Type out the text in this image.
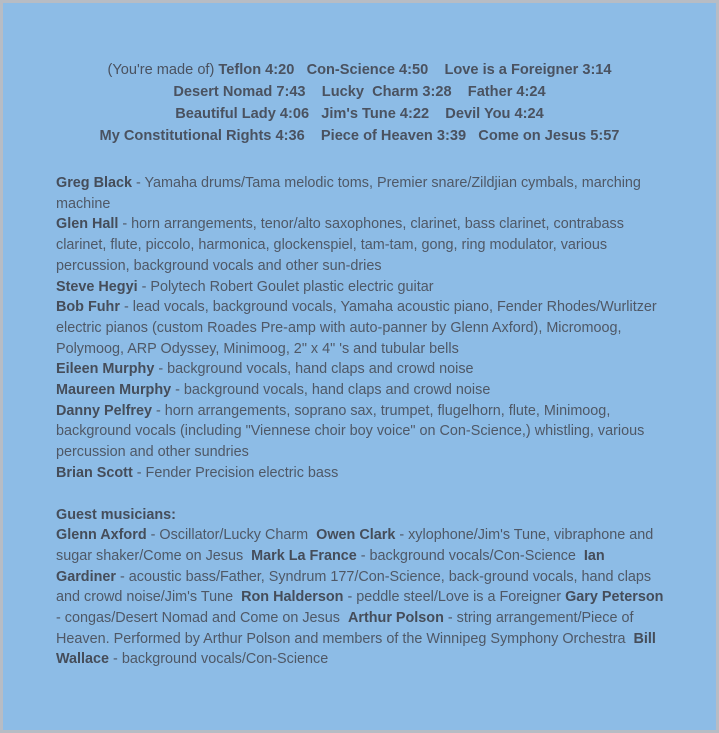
(You're made of) Teflon 4:20 Con-Science 4:50 Love is a Foreigner 3:14
Desert Nomad 7:43 Lucky  Charm 3:28 Father 4:24
Beautiful Lady 4:06 Jim's Tune 4:22 Devil You 4:24
My Constitutional Rights 4:36 Piece of Heaven 3:39 Come on Jesus 5:57

Greg Black - Yamaha drums/Tama melodic toms, Premier snare/Zildjian cymbals, marching machine

Glen Hall - horn arrangements, tenor/alto saxophones, clarinet, bass clarinet, contrabass clarinet, flute, piccolo, harmonica, glockenspiel, tam-tam, gong, ring modulator, various percussion, background vocals and other sun-dries

Steve Hegyi - Polytech Robert Goulet plastic electric guitar

Bob Fuhr - lead vocals, background vocals, Yamaha acoustic piano, Fender Rhodes/Wurlitzer electric pianos (custom Roades Pre-amp with auto-panner by Glenn Axford), Micromoog, Polymoog, ARP Odyssey, Minimoog, 2" x 4" 's and tubular bells

Eileen Murphy - background vocals, hand claps and crowd noise

Maureen Murphy - background vocals, hand claps and crowd noise

Danny Pelfrey - horn arrangements, soprano sax, trumpet, flugelhorn, flute, Minimoog, background vocals (including "Viennese choir boy voice" on Con-Science,) whistling, various percussion and other sundries

Brian Scott - Fender Precision electric bass

Guest musicians:

Glenn Axford - Oscillator/Lucky Charm  Owen Clark - xylophone/Jim's Tune, vibraphone and sugar shaker/Come on Jesus  Mark La France - background vocals/Con-Science  Ian Gardiner - acoustic bass/Father, Syndrum 177/Con-Science, back-ground vocals, hand claps and crowd noise/Jim's Tune  Ron Halderson - peddle steel/Love is a Foreigner Gary Peterson - congas/Desert Nomad and Come on Jesus  Arthur Polson - string arrangement/Piece of Heaven. Performed by Arthur Polson and members of the Winnipeg Symphony Orchestra  Bill Wallace - background vocals/Con-Science
